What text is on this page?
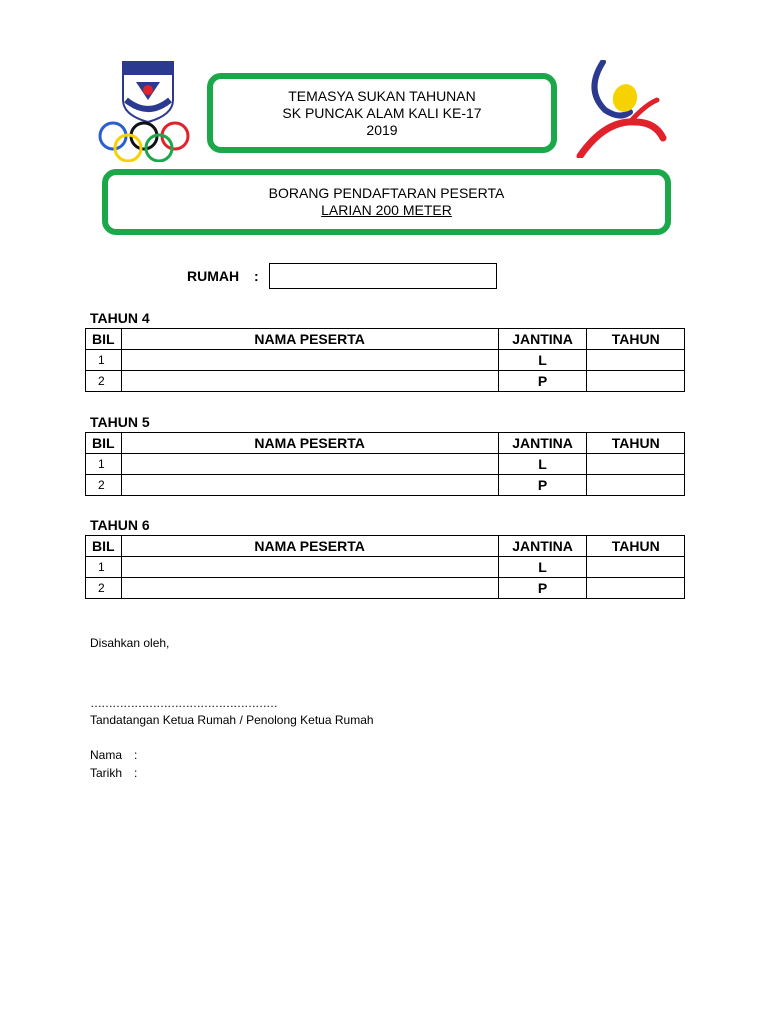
TEMASYA SUKAN TAHUNAN
SK PUNCAK ALAM KALI KE-17
2019
BORANG PENDAFTARAN PESERTA
LARIAN 200 METER
RUMAH :
TAHUN 4
BIL	NAMA PESERTA	JANTINA	TAHUN
1		L	
2		P	
TAHUN 5
BIL	NAMA PESERTA	JANTINA	TAHUN
1		L	
2		P	
TAHUN 6
BIL	NAMA PESERTA	JANTINA	TAHUN
1		L	
2		P	
Disahkan oleh,
……………………………………………
Tandatangan Ketua Rumah / Penolong Ketua Rumah
Nama :
Tarikh :
